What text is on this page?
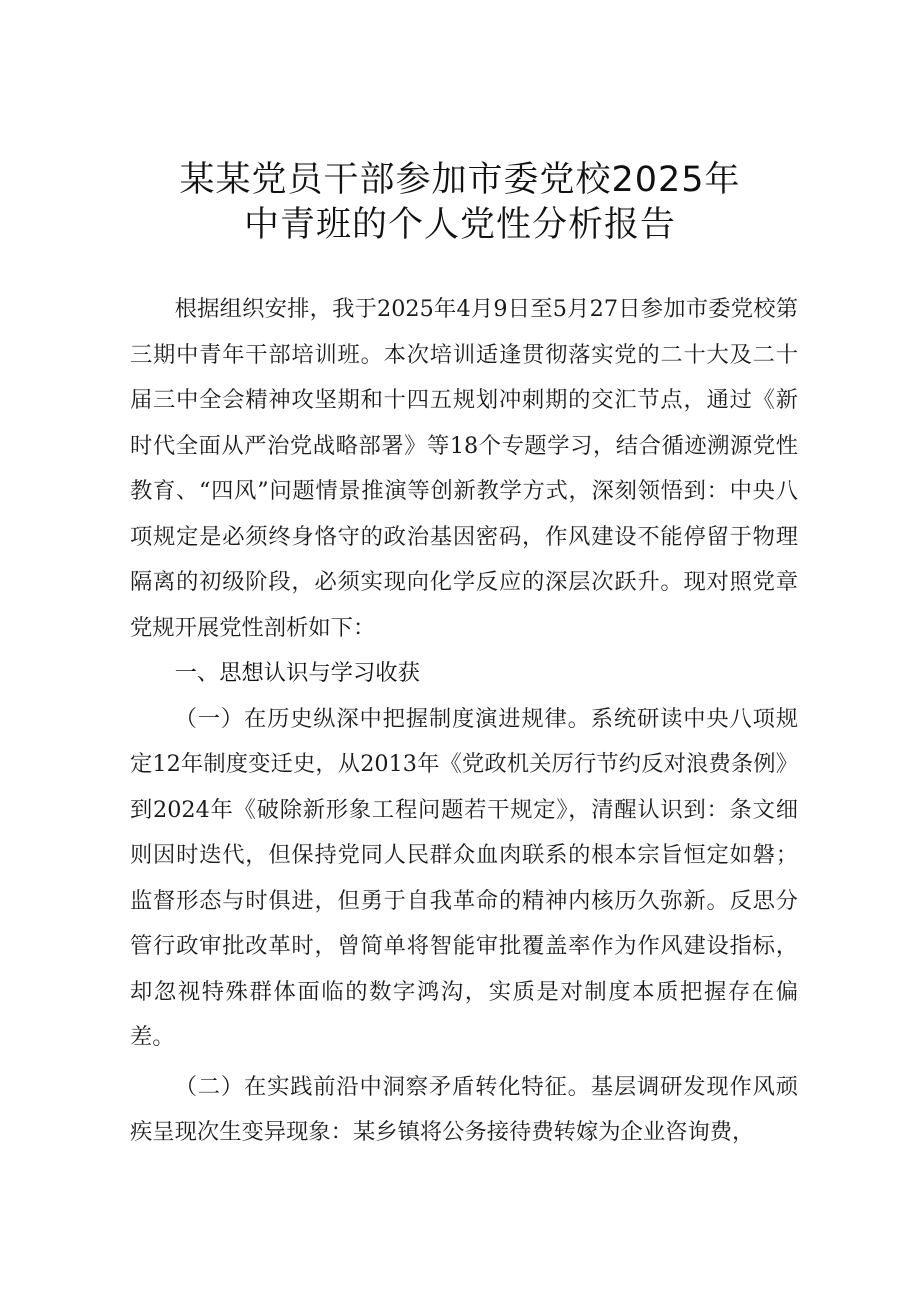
某某党员干部参加市委党校2025年
中青班的个人党性分析报告

根据组织安排，我于2025年4月9日至5月27日参加市委党校第三期中青年干部培训班。本次培训适逢贯彻落实党的二十大及二十届三中全会精神攻坚期和十四五规划冲刺期的交汇节点，通过《新时代全面从严治党战略部署》等18个专题学习，结合循迹溯源党性教育、“四风”问题情景推演等创新教学方式，深刻领悟到：中央八项规定是必须终身恪守的政治基因密码，作风建设不能停留于物理隔离的初级阶段，必须实现向化学反应的深层次跃升。现对照党章党规开展党性剖析如下：

一、思想认识与学习收获

（一）在历史纵深中把握制度演进规律。系统研读中央八项规定12年制度变迁史，从2013年《党政机关厉行节约反对浪费条例》到2024年《破除新形象工程问题若干规定》，清醒认识到：条文细则因时迭代，但保持党同人民群众血肉联系的根本宗旨恒定如磐；监督形态与时俱进，但勇于自我革命的精神内核历久弥新。反思分管行政审批改革时，曾简单将智能审批覆盖率作为作风建设指标，却忽视特殊群体面临的数字鸿沟，实质是对制度本质把握存在偏差。

（二）在实践前沿中洞察矛盾转化特征。基层调研发现作风顽疾呈现次生变异现象：某乡镇将公务接待费转嫁为企业咨询费，
